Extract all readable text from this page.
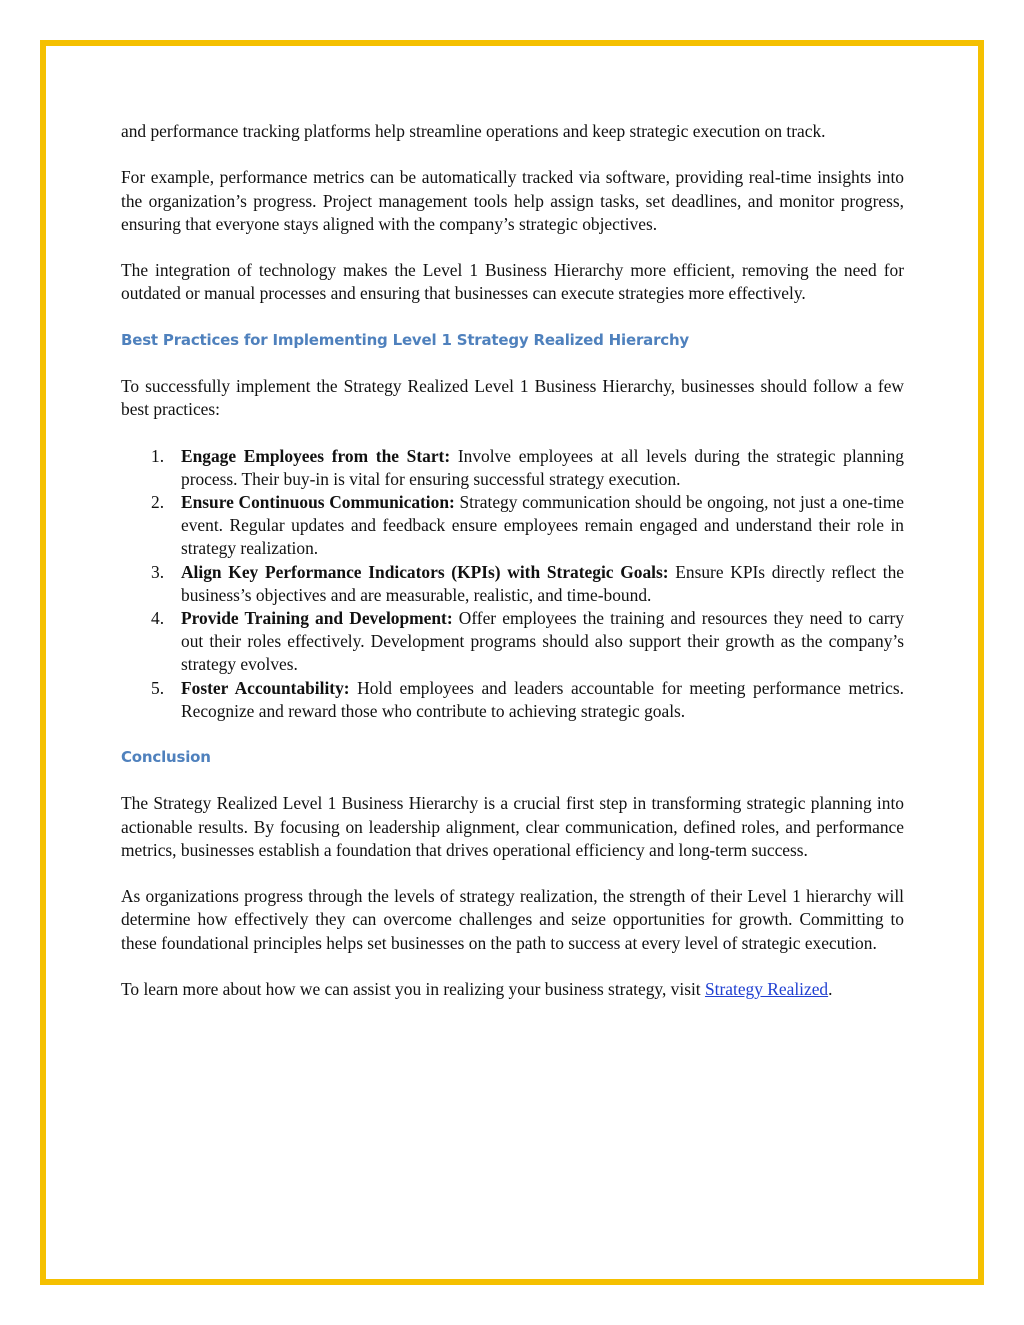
and performance tracking platforms help streamline operations and keep strategic execution on track.

For example, performance metrics can be automatically tracked via software, providing real-time insights into the organization’s progress. Project management tools help assign tasks, set deadlines, and monitor progress, ensuring that everyone stays aligned with the company’s strategic objectives.

The integration of technology makes the Level 1 Business Hierarchy more efficient, removing the need for outdated or manual processes and ensuring that businesses can execute strategies more effectively.

Best Practices for Implementing Level 1 Strategy Realized Hierarchy

To successfully implement the Strategy Realized Level 1 Business Hierarchy, businesses should follow a few best practices:

1. Engage Employees from the Start: Involve employees at all levels during the strategic planning process. Their buy-in is vital for ensuring successful strategy execution.
2. Ensure Continuous Communication: Strategy communication should be ongoing, not just a one-time event. Regular updates and feedback ensure employees remain engaged and understand their role in strategy realization.
3. Align Key Performance Indicators (KPIs) with Strategic Goals: Ensure KPIs directly reflect the business’s objectives and are measurable, realistic, and time-bound.
4. Provide Training and Development: Offer employees the training and resources they need to carry out their roles effectively. Development programs should also support their growth as the company’s strategy evolves.
5. Foster Accountability: Hold employees and leaders accountable for meeting performance metrics. Recognize and reward those who contribute to achieving strategic goals.
Conclusion

The Strategy Realized Level 1 Business Hierarchy is a crucial first step in transforming strategic planning into actionable results. By focusing on leadership alignment, clear communication, defined roles, and performance metrics, businesses establish a foundation that drives operational efficiency and long-term success.

As organizations progress through the levels of strategy realization, the strength of their Level 1 hierarchy will determine how effectively they can overcome challenges and seize opportunities for growth. Committing to these foundational principles helps set businesses on the path to success at every level of strategic execution.

To learn more about how we can assist you in realizing your business strategy, visit Strategy Realized.
